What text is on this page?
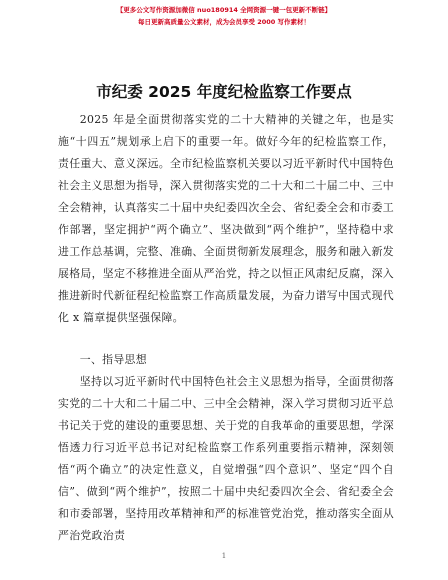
【更多公文写作资源加微信 nuo180914 全网资源一键一包更新不断链】
每日更新高质量公文素材，成为会员享受 2000 写作素材！
市纪委 2025 年度纪检监察工作要点

2025 年是全面贯彻落实党的二十大精神的关键之年，也是实施“十四五”规划承上启下的重要一年。做好今年的纪检监察工作，责任重大、意义深远。全市纪检监察机关要以习近平新时代中国特色社会主义思想为指导，深入贯彻落实党的二十大和二十届二中、三中全会精神，认真落实二十届中央纪委四次全会、省纪委全会和市委工作部署，坚定拥护“两个确立”、坚决做到“两个维护”，坚持稳中求进工作总基调，完整、准确、全面贯彻新发展理念，服务和融入新发展格局，坚定不移推进全面从严治党，持之以恒正风肃纪反腐，深入推进新时代新征程纪检监察工作高质量发展，为奋力谱写中国式现代化 x 篇章提供坚强保障。

一、指导思想

坚持以习近平新时代中国特色社会主义思想为指导，全面贯彻落实党的二十大和二十届二中、三中全会精神，深入学习贯彻习近平总书记关于党的建设的重要思想、关于党的自我革命的重要思想，学深悟透力行习近平总书记对纪检监察工作系列重要指示精神，深刻领悟“两个确立”的决定性意义，自觉增强“四个意识”、坚定“四个自信”、做到“两个维护”，按照二十届中央纪委四次全会、省纪委全会和市委部署，坚持用改革精神和严的标准管党治党，推动落实全面从严治党政治责

1
